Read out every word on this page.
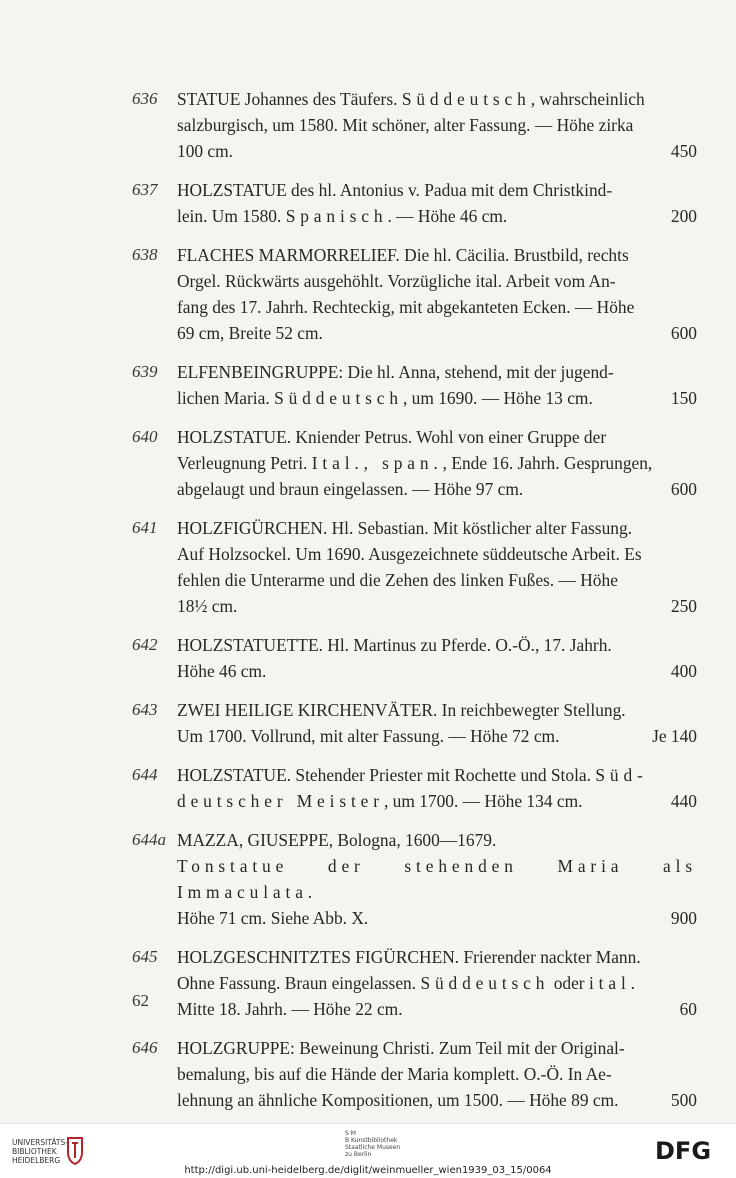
636 STATUE Johannes des Täufers. Süddeutsch, wahrscheinlich

salzburgisch, um 1580. Mit schöner, alter Fassung. — Höhe zirka

100 cm.	450

637 HOLZSTATUE des hl. Antonius v. Padua mit dem Christkind-

lein. Um 1580. Spanisch. — Höhe 46 cm.	200

638 FLACHES MARMORRELIEF. Die hl. Cäcilia. Brustbild, rechts

Orgel. Rückwärts ausgehöhlt. Vorzügliche ital. Arbeit vom An-

fang des 17. Jahrh. Rechteckig, mit abgekanteten Ecken. — Höhe

69 cm, Breite 52 cm.	600

639 ELFENBEINGRUPPE: Die hl. Anna, stehend, mit der jugend-

lichen Maria. Süddeutsch, um 1690. — Höhe 13 cm.	150

640 HOLZSTATUE. Kniender Petrus. Wohl von einer Gruppe der

Verleugnung Petri. Ital., span., Ende 16. Jahrh. Gesprungen,

abgelaugt und braun eingelassen. — Höhe 97 cm.	600

641 HOLZFIGÜRCHEN. Hl. Sebastian. Mit köstlicher alter Fassung.

Auf Holzsockel. Um 1690. Ausgezeichnete süddeutsche Arbeit. Es

fehlen die Unterarme und die Zehen des linken Fußes. — Höhe

18½ cm.	250

642 HOLZSTATUETTE. Hl. Martinus zu Pferde. O.-Ö., 17. Jahrh.

Höhe 46 cm.	400

643 ZWEI HEILIGE KIRCHENVÄTER. In reichbewegter Stellung.

Um 1700. Vollrund, mit alter Fassung. — Höhe 72 cm.	Je 140

644 HOLZSTATUE. Stehender Priester mit Rochette und Stola. Süd-

deutscher Meister, um 1700. — Höhe 134 cm.	440

644a MAZZA, GIUSEPPE, Bologna, 1600—1679.

Tonstatue der stehenden Maria als Immaculata.

Höhe 71 cm. Siehe Abb. X.	900

645 HOLZGESCHNITZTES FIGÜRCHEN. Frierender nackter Mann.

Ohne Fassung. Braun eingelassen. Süddeutsch oder ital.

Mitte 18. Jahrh. — Höhe 22 cm.	60

646 HOLZGRUPPE: Beweinung Christi. Zum Teil mit der Original-

bemalung, bis auf die Hände der Maria komplett. O.-Ö. In Ae-

lehnung an ähnliche Kompositionen, um 1500. — Höhe 89 cm.	500

62
UNIVERSITÄTS-
BIBLIOTHEK
HEIDELBERG
S M
B Kunstbibliothek
Staatliche Museen
zu Berlin
http://digi.ub.uni-heidelberg.de/diglit/weinmueller_wien1939_03_15/0064
DFG
